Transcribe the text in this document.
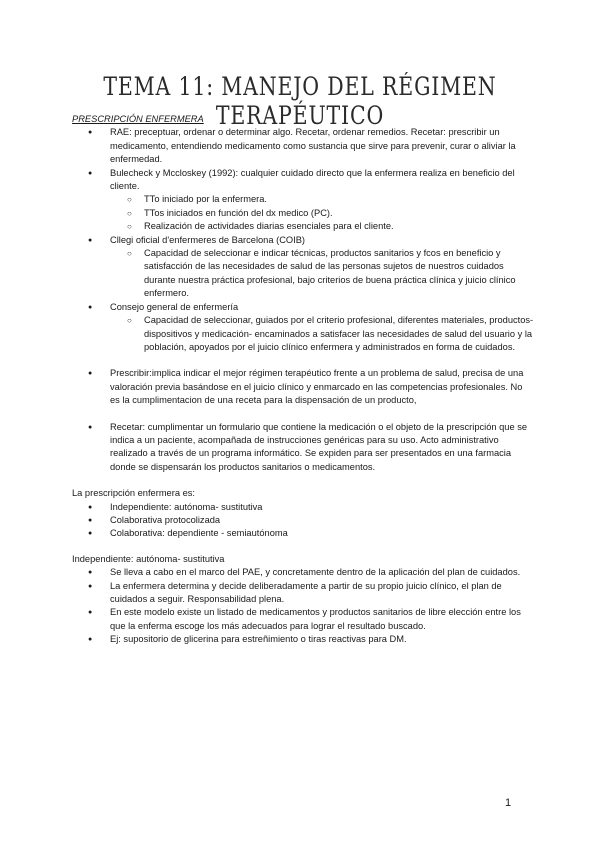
TEMA 11: MANEJO DEL RÉGIMEN TERAPÉUTICO

PRESCRIPCIÓN ENFERMERA

● RAE: preceptuar, ordenar o determinar algo. Recetar, ordenar remedios. Recetar: prescribir un medicamento, entendiendo medicamento como sustancia que sirve para prevenir, curar o aliviar la enfermedad.
● Bulecheck y Mccloskey (1992): cualquier cuidado directo que la enfermera realiza en beneficio del cliente.
○ TTo iniciado por la enfermera.
○ TTos iniciados en función del dx medico (PC).
○ Realización de actividades diarias esenciales para el cliente.
● Cllegi oficial d'enfermeres de Barcelona (COIB)
○ Capacidad de seleccionar e indicar técnicas, productos sanitarios y fcos en beneficio y satisfacción de las necesidades de salud de las personas sujetos de nuestros cuidados durante nuestra práctica profesional, bajo criterios de buena práctica clínica y juicio clínico enfermero.
● Consejo general de enfermería
○ Capacidad de seleccionar, guiados por el criterio profesional, diferentes materiales, productos-dispositivos y medicación- encaminados a satisfacer las necesidades de salud del usuario y la población, apoyados por el juicio clínico enfermera y administrados en forma de cuidados.
● Prescribir:implica indicar el mejor régimen terapéutico frente a un problema de salud, precisa de una valoración previa basándose en el juicio clínico y enmarcado en las competencias profesionales. No es la cumplimentacion de una receta para la dispensación de un producto,
● Recetar: cumplimentar un formulario que contiene la medicación o el objeto de la prescripción que se indica a un paciente, acompañada de instrucciones genéricas para su uso. Acto administrativo realizado a través de un programa informático. Se expiden para ser presentados en una farmacia donde se dispensarán los productos sanitarios o medicamentos.

La prescripción enfermera es:

● Independiente: autónoma- sustitutiva
● Colaborativa protocolizada
● Colaborativa: dependiente - semiautónoma

Independiente: autónoma- sustitutiva

● Se lleva a cabo en el marco del PAE, y concretamente dentro de la aplicación del plan de cuidados.
● La enfermera determina y decide deliberadamente a partir de su propio juicio clínico, el plan de cuidados a seguir. Responsabilidad plena.
● En este modelo existe un listado de medicamentos y productos sanitarios de libre elección entre los que la enferma escoge los más adecuados para lograr el resultado buscado.
● Ej: supositorio de glicerina para estreñimiento o tiras reactivas para DM.
1
